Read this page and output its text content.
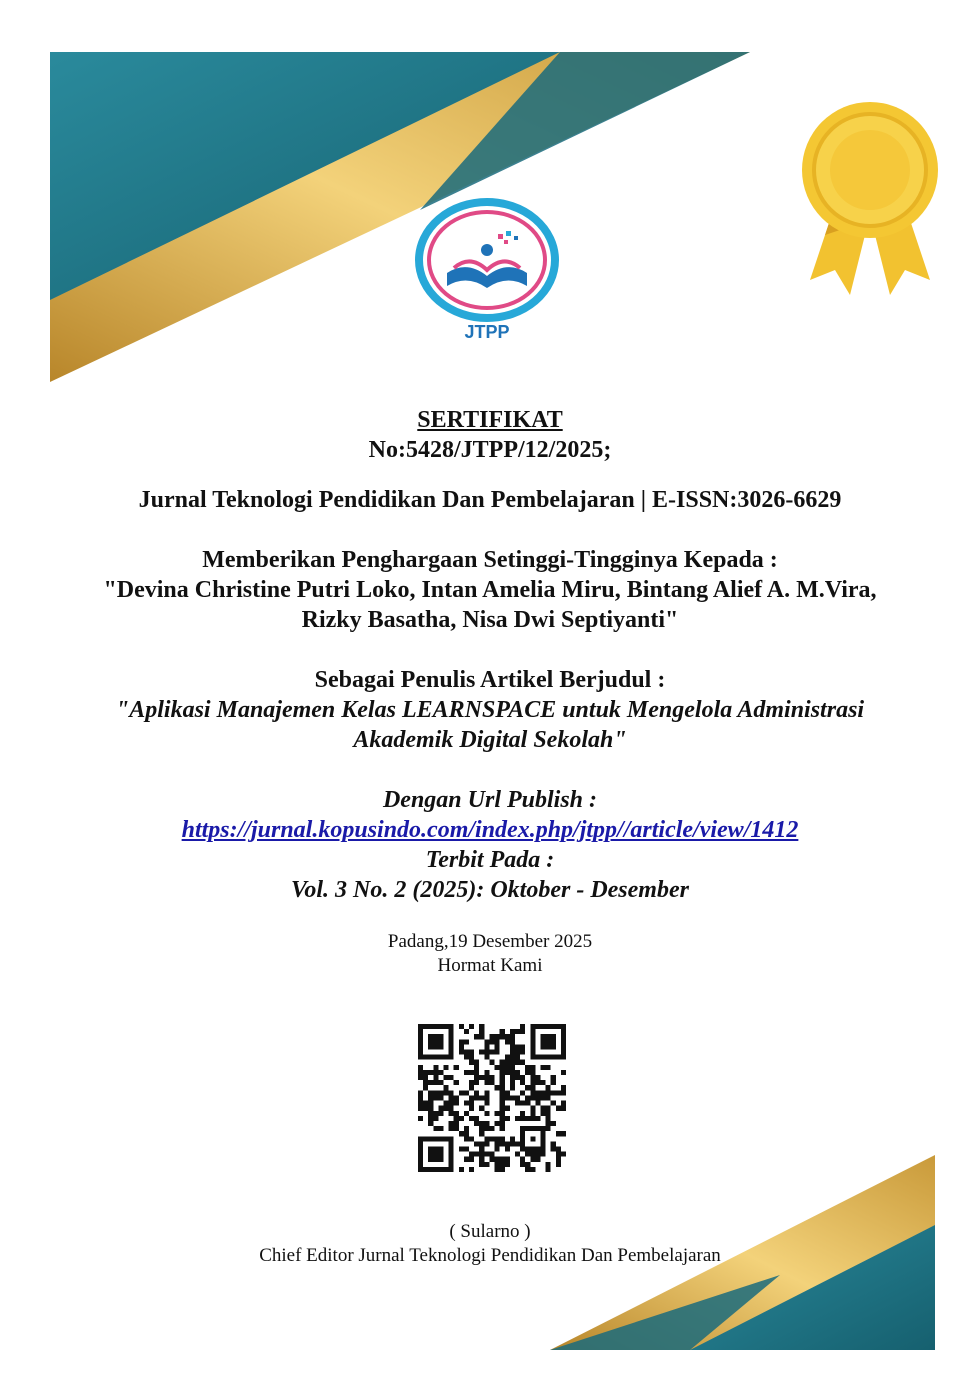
JTPP
SERTIFIKAT
No:5428/JTPP/12/2025;
Jurnal Teknologi Pendidikan Dan Pembelajaran | E-ISSN:3026-6629
Memberikan Penghargaan Setinggi-Tingginya Kepada :
"Devina Christine Putri Loko, Intan Amelia Miru, Bintang Alief A. M.Vira,
Rizky Basatha, Nisa Dwi Septiyanti"
Sebagai Penulis Artikel Berjudul :
"Aplikasi Manajemen Kelas LEARNSPACE untuk Mengelola Administrasi
Akademik Digital Sekolah"
Dengan Url Publish :
https://jurnal.kopusindo.com/index.php/jtpp//article/view/1412
Terbit Pada :
Vol. 3 No. 2 (2025): Oktober - Desember
Padang,19 Desember 2025
Hormat Kami
( Sularno )
Chief Editor Jurnal Teknologi Pendidikan Dan Pembelajaran
